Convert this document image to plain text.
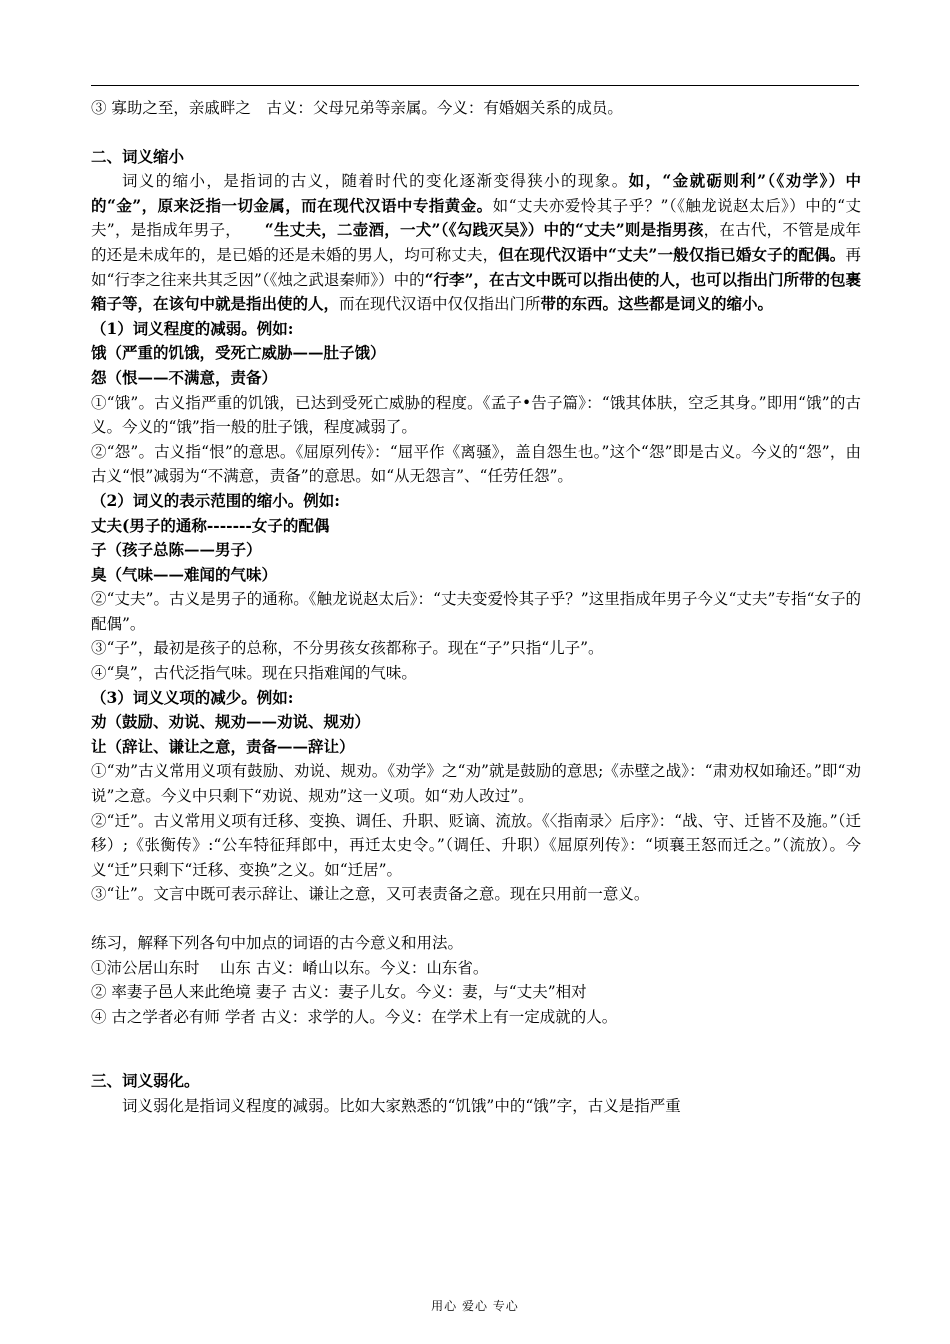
③ 寡助之至，亲戚畔之　古义：父母兄弟等亲属。今义：有婚姻关系的成员。

二、词义缩小

词义的缩小，是指词的古义，随着时代的变化逐渐变得狭小的现象。如，“金就砺则利”（《劝学》）中的“金”，原来泛指一切金属，而在现代汉语中专指黄金。如“丈夫亦爱怜其子乎？”（《触龙说赵太后》）中的“丈夫”，是指成年男子，　　“生丈夫，二壶酒，一犬”（《勾践灭吴》）中的“丈夫”则是指男孩，在古代，不管是成年的还是未成年的，是已婚的还是未婚的男人，均可称丈夫，但在现代汉语中“丈夫”一般仅指已婚女子的配偶。再如“行李之往来共其乏因”（《烛之武退秦师》）中的“行李”，在古文中既可以指出使的人，也可以指出门所带的包裹箱子等，在该句中就是指出使的人，而在现代汉语中仅仅指出门所带的东西。这些都是词义的缩小。

（1）词义程度的减弱。例如:

饿（严重的饥饿，受死亡威胁——肚子饿）

怨（恨——不满意，责备）

①“饿”。古义指严重的饥饿，已达到受死亡威胁的程度。《孟子•告子篇》：“饿其体肤，空乏其身。”即用“饿”的古义。今义的“饿”指一般的肚子饿，程度减弱了。

②“怨”。古义指“恨”的意思。《屈原列传》：“屈平作《离骚》，盖自怨生也。”这个“怨”即是古义。今义的“怨”，由古义“恨”减弱为“不满意，责备”的意思。如“从无怨言”、“任劳任怨”。

（2）词义的表示范围的缩小。例如:

丈夫(男子的通称-------女子的配偶

子（孩子总陈——男子）

臭（气味——难闻的气味）

②“丈夫”。古义是男子的通称。《触龙说赵太后》：“丈夫变爱怜其子乎？”这里指成年男子今义“丈夫”专指“女子的配偶”。

③“子”，最初是孩子的总称，不分男孩女孩都称子。现在“子”只指“儿子”。

④“臭”，古代泛指气味。现在只指难闻的气味。

（3）词义义项的减少。例如:

劝（鼓励、劝说、规劝——劝说、规劝）

让（辞让、谦让之意，责备——辞让）

①“劝”古义常用义项有鼓励、劝说、规劝。《劝学》之“劝”就是鼓励的意思;《赤壁之战》：“肃劝权如瑜还。”即“劝说”之意。今义中只剩下“劝说、规劝”这一义项。如“劝人改过”。

②“迁”。古义常用义项有迁移、变换、调任、升职、贬谪、流放。《〈指南录〉后序》：“战、守、迁皆不及施。”（迁移）;《张衡传》:“公车特征拜郎中，再迁太史令。”（调任、升职）《屈原列传》：“顷襄王怒而迁之。”（流放）。今义“迁”只剩下“迁移、变换”之义。如“迁居”。

③“让”。文言中既可表示辞让、谦让之意，又可表责备之意。现在只用前一意义。

练习，解释下列各句中加点的词语的古今意义和用法。

①沛公居山东时　 山东 古义：崤山以东。今义：山东省。

② 率妻子邑人来此绝境 妻子 古义：妻子儿女。今义：妻，与“丈夫”相对

④ 古之学者必有师 学者 古义：求学的人。今义：在学术上有一定成就的人。

三、词义弱化。

词义弱化是指词义程度的减弱。比如大家熟悉的“饥饿”中的“饿”字，古义是指严重

用心 爱心 专心
